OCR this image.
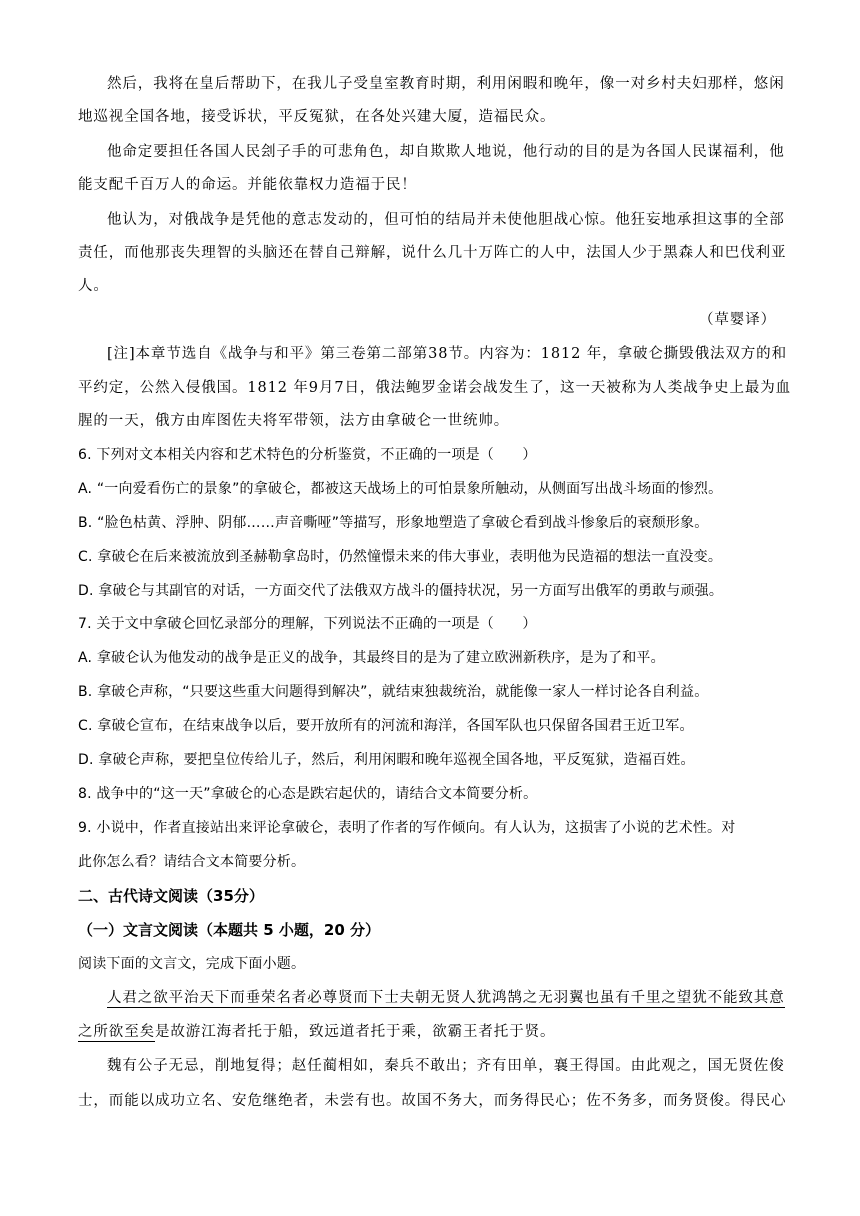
然后，我将在皇后帮助下，在我儿子受皇室教育时期，利用闲暇和晚年，像一对乡村夫妇那样，悠闲
地巡视全国各地，接受诉状，平反冤狱，在各处兴建大厦，造福民众。
他命定要担任各国人民刽子手的可悲角色，却自欺欺人地说，他行动的目的是为各国人民谋福利，他
能支配千百万人的命运。并能依靠权力造福于民！
他认为，对俄战争是凭他的意志发动的，但可怕的结局并未使他胆战心惊。他狂妄地承担这事的全部
责任，而他那丧失理智的头脑还在替自己辩解，说什么几十万阵亡的人中，法国人少于黑森人和巴伐利亚
人。
（草婴译）
[注]本章节选自《战争与和平》第三卷第二部第38节。内容为：1812 年，拿破仑撕毁俄法双方的和
平约定，公然入侵俄国。1812 年9月7日，俄法鲍罗金诺会战发生了，这一天被称为人类战争史上最为血
腥的一天，俄方由库图佐夫将军带领，法方由拿破仑一世统帅。
6. 下列对文本相关内容和艺术特色的分析鉴赏，不正确的一项是（　　）
A. “一向爱看伤亡的景象”的拿破仑，都被这天战场上的可怕景象所触动，从侧面写出战斗场面的惨烈。
B. “脸色枯黄、浮肿、阴郁……声音嘶哑”等描写，形象地塑造了拿破仑看到战斗惨象后的衰颓形象。
C. 拿破仑在后来被流放到圣赫勒拿岛时，仍然憧憬未来的伟大事业，表明他为民造福的想法一直没变。
D. 拿破仑与其副官的对话，一方面交代了法俄双方战斗的僵持状况，另一方面写出俄军的勇敢与顽强。
7. 关于文中拿破仑回忆录部分的理解，下列说法不正确的一项是（　　）
A. 拿破仑认为他发动的战争是正义的战争，其最终目的是为了建立欧洲新秩序，是为了和平。
B. 拿破仑声称，“只要这些重大问题得到解决”，就结束独裁统治，就能像一家人一样讨论各自利益。
C. 拿破仑宣布，在结束战争以后，要开放所有的河流和海洋，各国军队也只保留各国君王近卫军。
D. 拿破仑声称，要把皇位传给儿子，然后，利用闲暇和晚年巡视全国各地，平反冤狱，造福百姓。
8. 战争中的“这一天”拿破仑的心态是跌宕起伏的，请结合文本简要分析。
9. 小说中，作者直接站出来评论拿破仑，表明了作者的写作倾向。有人认为，这损害了小说的艺术性。对
此你怎么看？请结合文本简要分析。
二、古代诗文阅读（35分）
（一）文言文阅读（本题共 5 小题，20 分）
阅读下面的文言文，完成下面小题。
人君之欲平治天下而垂荣名者必尊贤而下士夫朝无贤人犹鸿鹄之无羽翼也虽有千里之望犹不能致其意
之所欲至矣是故游江海者托于船，致远道者托于乘，欲霸王者托于贤。
魏有公子无忌，削地复得；赵任蔺相如，秦兵不敢出；齐有田单，襄王得国。由此观之，国无贤佐俊
士，而能以成功立名、安危继绝者，未尝有也。故国不务大，而务得民心；佐不务多，而务贤俊。得民心
